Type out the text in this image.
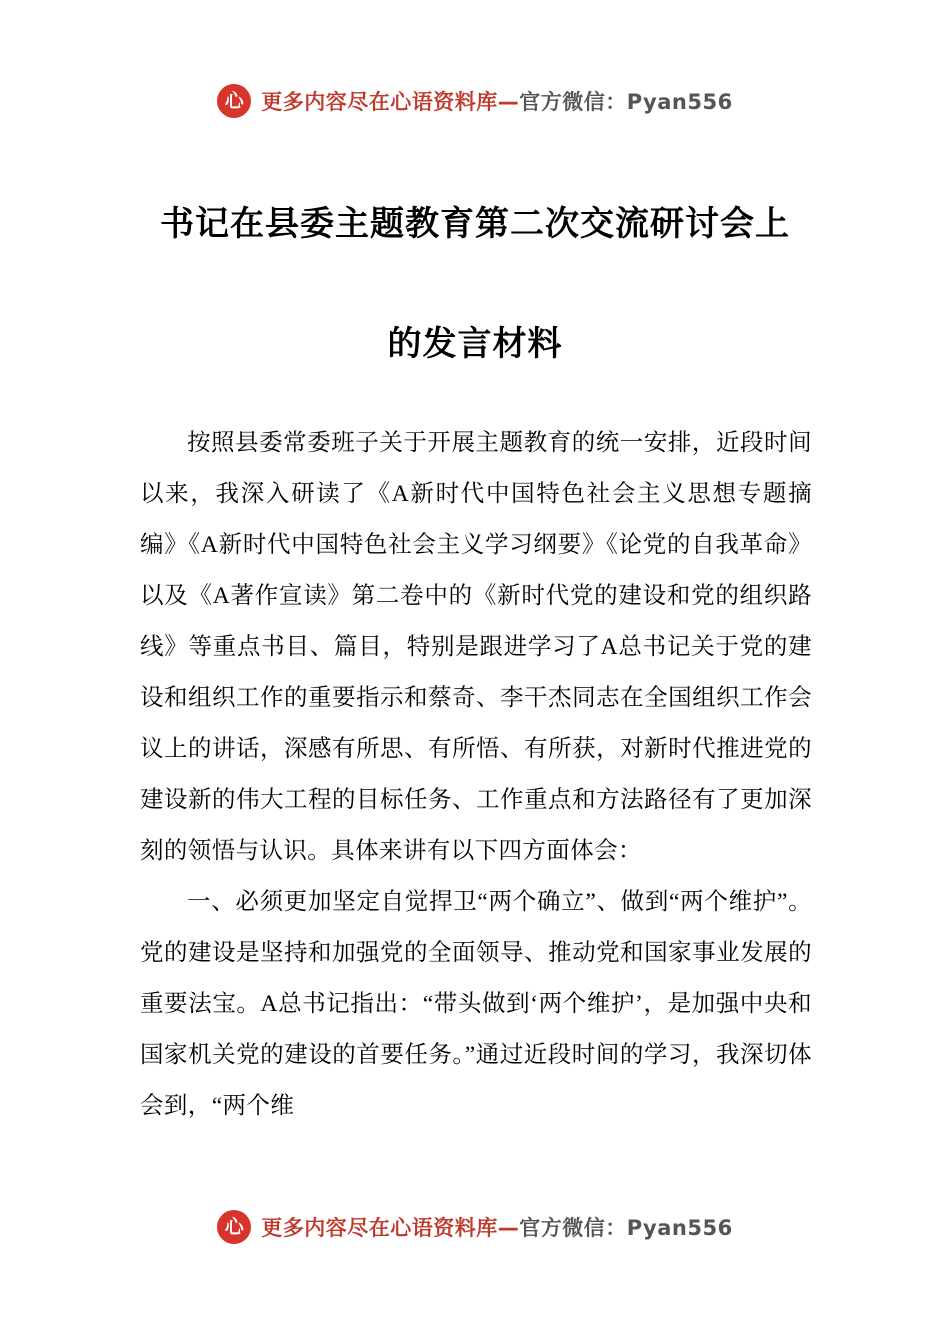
心 更多内容尽在心语资料库—官方微信：Pyan556
书记在县委主题教育第二次交流研讨会上
的发言材料

按照县委常委班子关于开展主题教育的统一安排，近段时间以来，我深入研读了《A新时代中国特色社会主义思想专题摘编》《A新时代中国特色社会主义学习纲要》《论党的自我革命》以及《A著作宣读》第二卷中的《新时代党的建设和党的组织路线》等重点书目、篇目，特别是跟进学习了A总书记关于党的建设和组织工作的重要指示和蔡奇、李干杰同志在全国组织工作会议上的讲话，深感有所思、有所悟、有所获，对新时代推进党的建设新的伟大工程的目标任务、工作重点和方法路径有了更加深刻的领悟与认识。具体来讲有以下四方面体会：

一、必须更加坚定自觉捍卫“两个确立”、做到“两个维护”。党的建设是坚持和加强党的全面领导、推动党和国家事业发展的重要法宝。A总书记指出：“带头做到‘两个维护’，是加强中央和国家机关党的建设的首要任务。”通过近段时间的学习，我深切体会到，“两个维

心 更多内容尽在心语资料库—官方微信：Pyan556
